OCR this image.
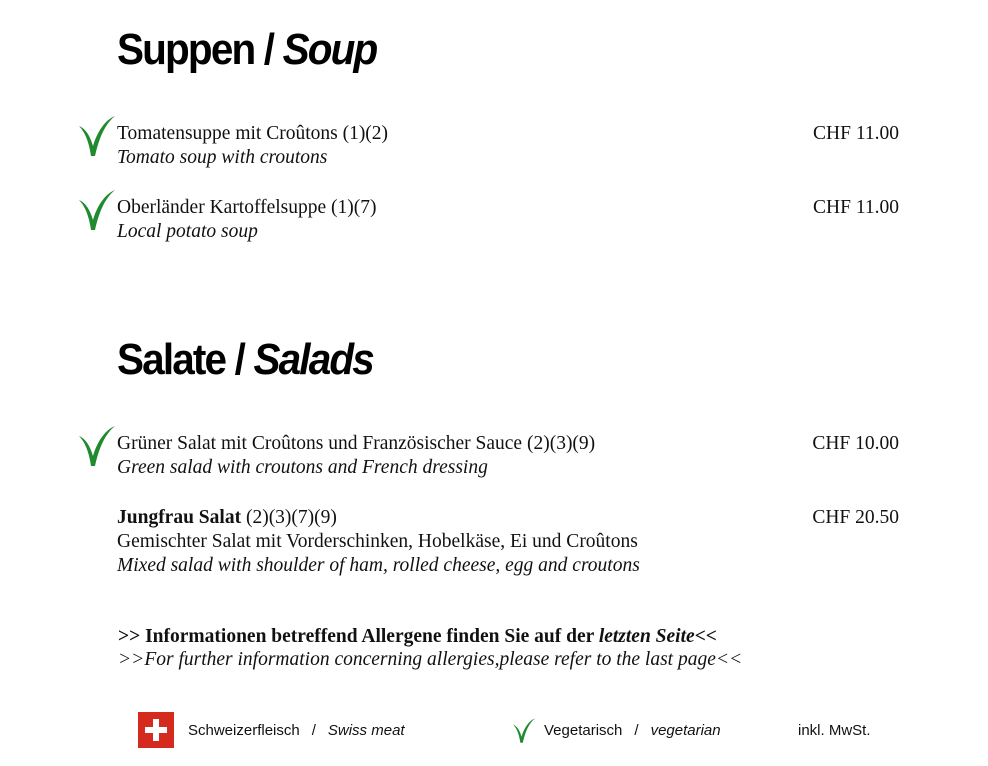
Suppen / Soup
Tomatensuppe mit Croûtons (1)(2)
Tomato soup with croutons
CHF 11.00
Oberländer Kartoffelsuppe (1)(7)
Local potato soup
CHF 11.00
Salate / Salads
Grüner Salat mit Croûtons und Französischer Sauce (2)(3)(9)
Green salad with croutons and French dressing
CHF 10.00
Jungfrau Salat (2)(3)(7)(9)
Gemischter Salat mit Vorderschinken, Hobelkäse, Ei und Croûtons
Mixed salad with shoulder of ham, rolled cheese, egg and croutons
CHF 20.50
>> Informationen betreffend Allergene finden Sie auf der letzten Seite<<
>>For further information concerning allergies,please refer to the last page<<
Schweizerfleisch / Swiss meat	Vegetarisch / vegetarian	inkl. MwSt.
